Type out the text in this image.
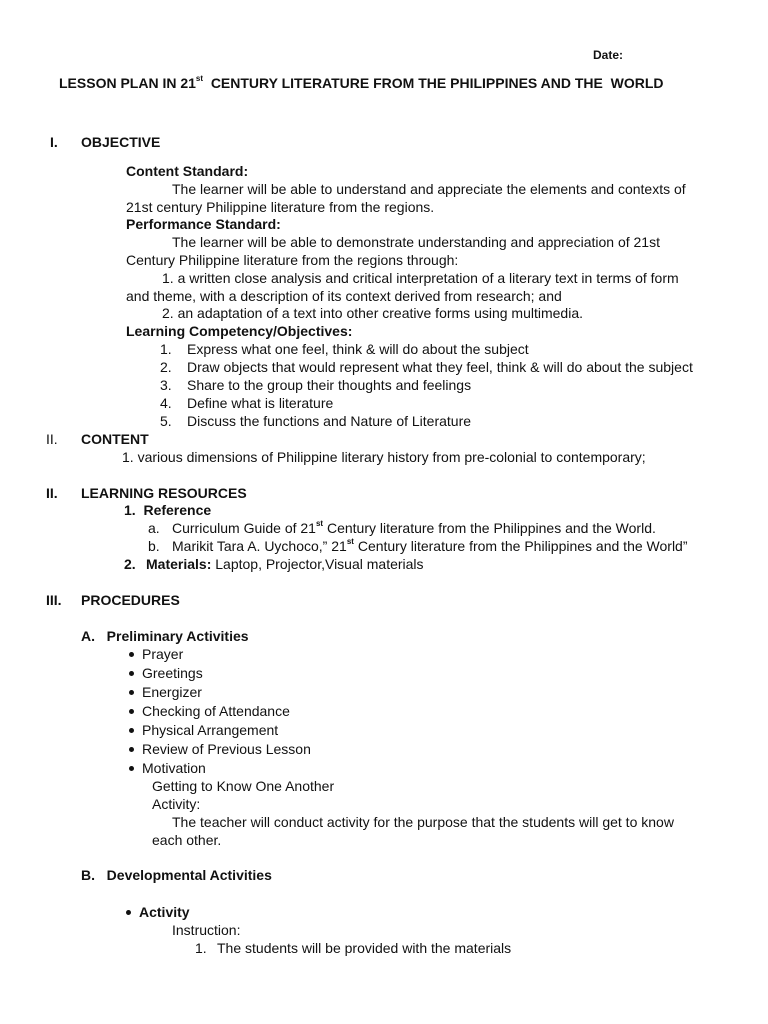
Date:
LESSON PLAN IN 21st  CENTURY LITERATURE FROM THE PHILIPPINES AND THE  WORLD
I. OBJECTIVE
Content Standard:
The learner will be able to understand and appreciate the elements and contexts of
21st century Philippine literature from the regions.
Performance Standard:
The learner will be able to demonstrate understanding and appreciation of 21st
Century Philippine literature from the regions through:
1. a written close analysis and critical interpretation of a literary text in terms of form
and theme, with a description of its context derived from research; and
2. an adaptation of a text into other creative forms using multimedia.
Learning Competency/Objectives:
1. Express what one feel, think & will do about the subject
2. Draw objects that would represent what they feel, think & will do about the subject
3. Share to the group their thoughts and feelings
4. Define what is literature
5. Discuss the functions and Nature of Literature
II. CONTENT
1. various dimensions of Philippine literary history from pre-colonial to contemporary;
II. LEARNING RESOURCES
1.  Reference
a. Curriculum Guide of 21st Century literature from the Philippines and the World.
b. Marikit Tara A. Uychoco,” 21st Century literature from the Philippines and the World”
2. Materials: Laptop, Projector,Visual materials
III. PROCEDURES
A.   Preliminary Activities
Prayer
Greetings
Energizer
Checking of Attendance
Physical Arrangement
Review of Previous Lesson
Motivation
Getting to Know One Another
Activity:
The teacher will conduct activity for the purpose that the students will get to know
each other.
B.   Developmental Activities
Activity
Instruction:
1. The students will be provided with the materials
